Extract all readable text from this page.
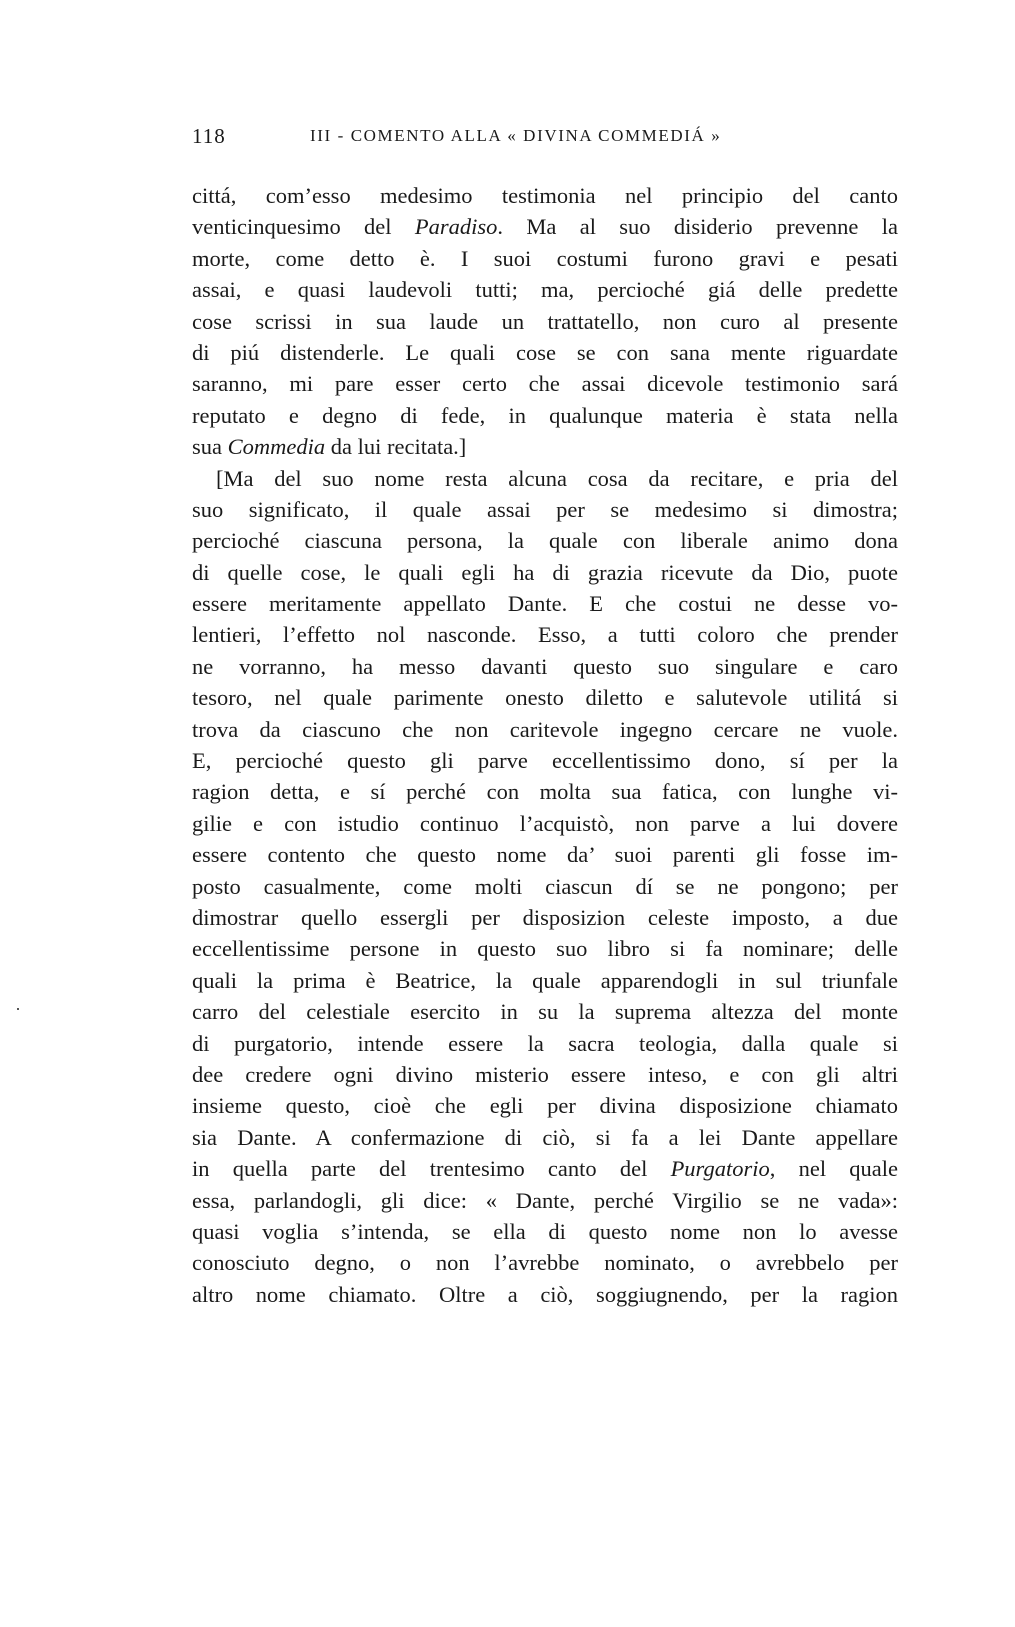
118	III - COMENTO ALLA « DIVINA COMMEDIÁ »
cittá, com’esso medesimo testimonia nel principio del canto
venticinquesimo del Paradiso. Ma al suo disiderio prevenne la
morte, come detto è. I suoi costumi furono gravi e pesati
assai, e quasi laudevoli tutti; ma, percioché giá delle predette
cose scrissi in sua laude un trattatello, non curo al presente
di piú distenderle. Le quali cose se con sana mente riguardate
saranno, mi pare esser certo che assai dicevole testimonio sará
reputato e degno di fede, in qualunque materia è stata nella
sua Commedia da lui recitata.]
[Ma del suo nome resta alcuna cosa da recitare, e pria del
suo significato, il quale assai per se medesimo si dimostra;
percioché ciascuna persona, la quale con liberale animo dona
di quelle cose, le quali egli ha di grazia ricevute da Dio, puote
essere meritamente appellato Dante. E che costui ne desse vo-
lentieri, l’effetto nol nasconde. Esso, a tutti coloro che prender
ne vorranno, ha messo davanti questo suo singulare e caro
tesoro, nel quale parimente onesto diletto e salutevole utilitá si
trova da ciascuno che non caritevole ingegno cercare ne vuole.
E, percioché questo gli parve eccellentissimo dono, sí per la
ragion detta, e sí perché con molta sua fatica, con lunghe vi-
gilie e con istudio continuo l’acquistò, non parve a lui dovere
essere contento che questo nome da’ suoi parenti gli fosse im-
posto casualmente, come molti ciascun dí se ne pongono; per
dimostrar quello essergli per disposizion celeste imposto, a due
eccellentissime persone in questo suo libro si fa nominare; delle
quali la prima è Beatrice, la quale apparendogli in sul triunfale
carro del celestiale esercito in su la suprema altezza del monte
di purgatorio, intende essere la sacra teologia, dalla quale si
dee credere ogni divino misterio essere inteso, e con gli altri
insieme questo, cioè che egli per divina disposizione chiamato
sia Dante. A confermazione di ciò, si fa a lei Dante appellare
in quella parte del trentesimo canto del Purgatorio, nel quale
essa, parlandogli, gli dice: « Dante, perché Virgilio se ne vada»:
quasi voglia s’intenda, se ella di questo nome non lo avesse
conosciuto degno, o non l’avrebbe nominato, o avrebbelo per
altro nome chiamato. Oltre a ciò, soggiugnendo, per la ragion
